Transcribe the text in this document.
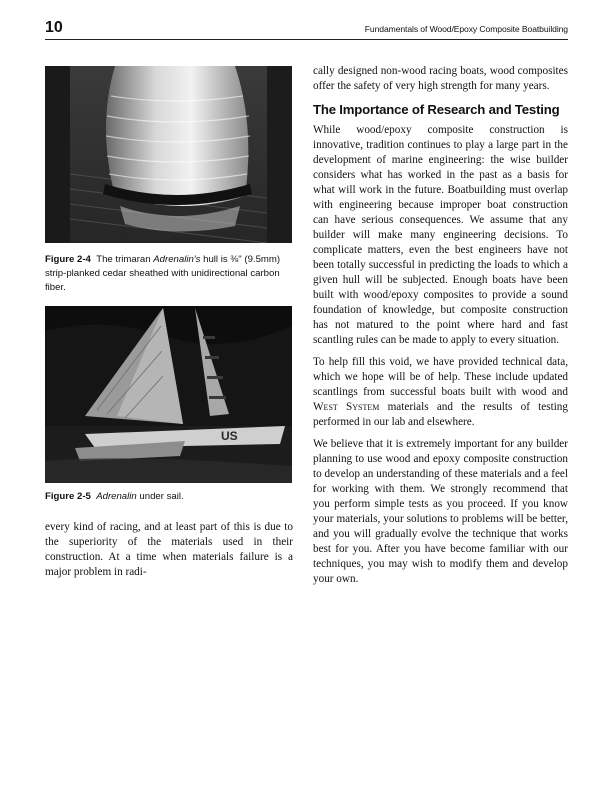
10	Fundamentals of Wood/Epoxy Composite Boatbuilding
Figure 2-4 The trimaran Adrenalin's hull is ⅜" (9.5mm) strip-planked cedar sheathed with unidirectional carbon fiber.
US
Figure 2-5 Adrenalin under sail.
every kind of racing, and at least part of this is due to the superiority of the materials used in their construction. At a time when materials failure is a major problem in radi-

cally designed non-wood racing boats, wood composites offer the safety of very high strength for many years.

The Importance of Research and Testing

While wood/epoxy composite construction is innovative, tradition continues to play a large part in the development of marine engineering: the wise builder considers what has worked in the past as a basis for what will work in the future. Boatbuilding must overlap with engineering because improper boat construction can have serious consequences. We assume that any builder will make many engineering decisions. To complicate matters, even the best engineers have not been totally successful in predicting the loads to which a given hull will be subjected. Enough boats have been built with wood/epoxy composites to provide a sound foundation of knowledge, but composite construction has not matured to the point where hard and fast scantling rules can be made to apply to every situation.

To help fill this void, we have provided technical data, which we hope will be of help. These include updated scantlings from successful boats built with wood and West System materials and the results of testing performed in our lab and elsewhere.

We believe that it is extremely important for any builder planning to use wood and epoxy composite construction to develop an understanding of these materials and a feel for working with them. We strongly recommend that you perform simple tests as you proceed. If you know your materials, your solutions to problems will be better, and you will gradually evolve the technique that works best for you. After you have become familiar with our techniques, you may wish to modify them and develop your own.
